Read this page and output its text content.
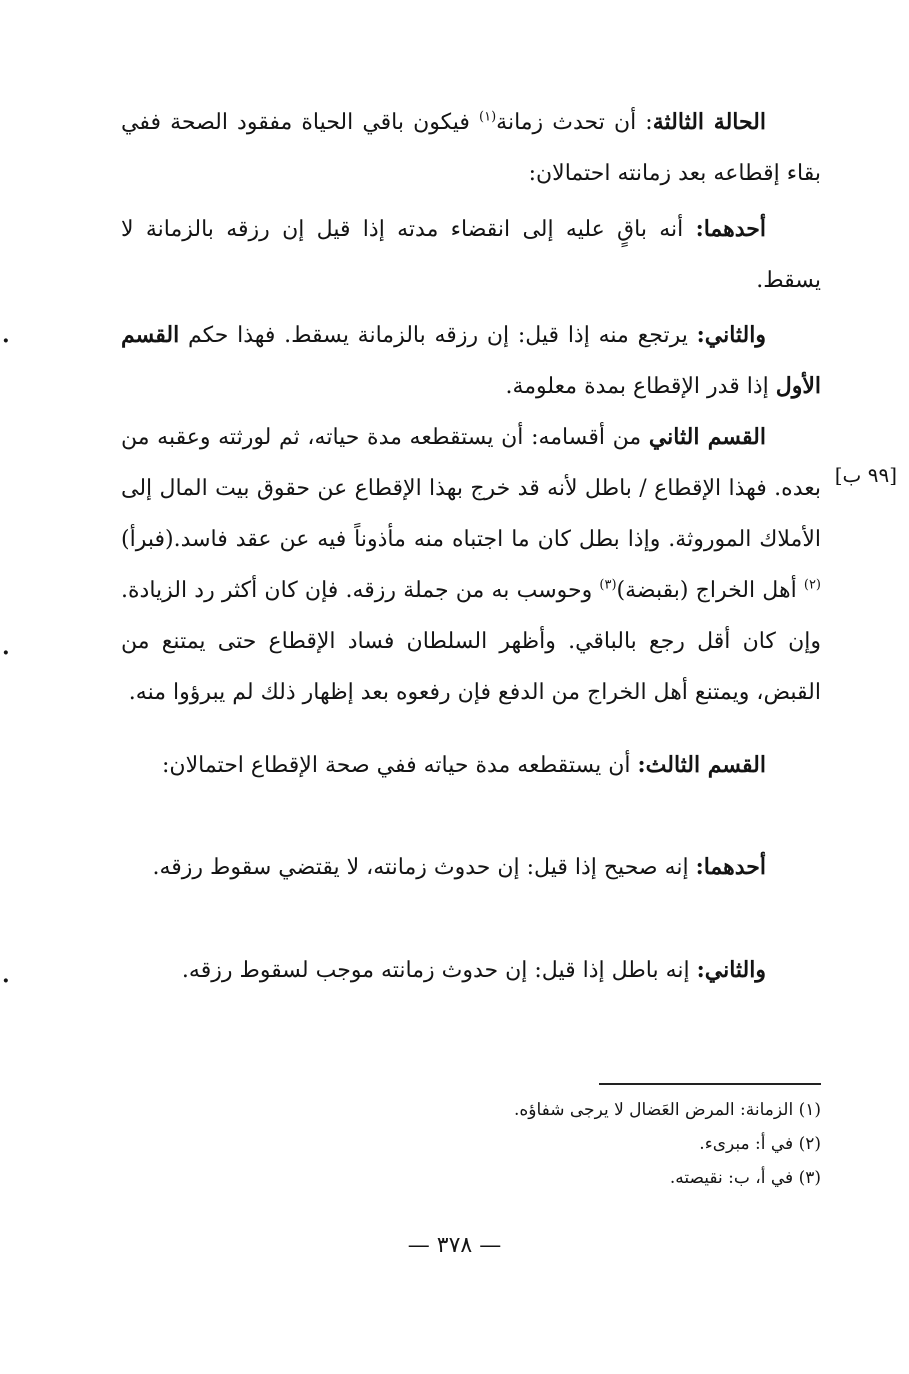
الحالة الثالثة: أن تحدث زمانة$^{(١)}$ فيكون باقي الحياة مفقود الصحة ففي بقاء إقطاعه بعد زمانته احتمالان:

أحدهما: أنه باقٍ عليه إلى انقضاء مدته إذا قيل إن رزقه بالزمانة لا يسقط.

والثاني: يرتجع منه إذا قيل: إن رزقه بالزمانة يسقط. فهذا حكم القسم الأول إذا قدر الإقطاع بمدة معلومة.

القسم الثاني من أقسامه: أن يستقطعه مدة حياته، ثم لورثته وعقبه من بعده. فهذا الإقطاع / باطل لأنه قد خرج بهذا الإقطاع عن حقوق بيت المال إلى الأملاك الموروثة. وإذا بطل كان ما اجتباه منه مأذوناً فيه عن عقد فاسد.(فبرأ) $^{(٢)}$ أهل الخراج (بقبضة)$^{(٣)}$ وحوسب به من جملة رزقه. فإن كان أكثر رد الزيادة. وإن كان أقل رجع بالباقي. وأظهر السلطان فساد الإقطاع حتى يمتنع من القبض، ويمتنع أهل الخراج من الدفع فإن رفعوه بعد إظهار ذلك لم يبرؤوا منه.

[٩٩ ب]

القسم الثالث: أن يستقطعه مدة حياته ففي صحة الإقطاع احتمالان:

أحدهما: إنه صحيح إذا قيل: إن حدوث زمانته، لا يقتضي سقوط رزقه.

والثاني: إنه باطل إذا قيل: إن حدوث زمانته موجب لسقوط رزقه.

·
·
·

(١) الزمانة: المرض العَضال لا يرجى شفاؤه.

(٢) في أ: مبرىء.

(٣) في أ، ب: نقيصته.

— ٣٧٨ —
